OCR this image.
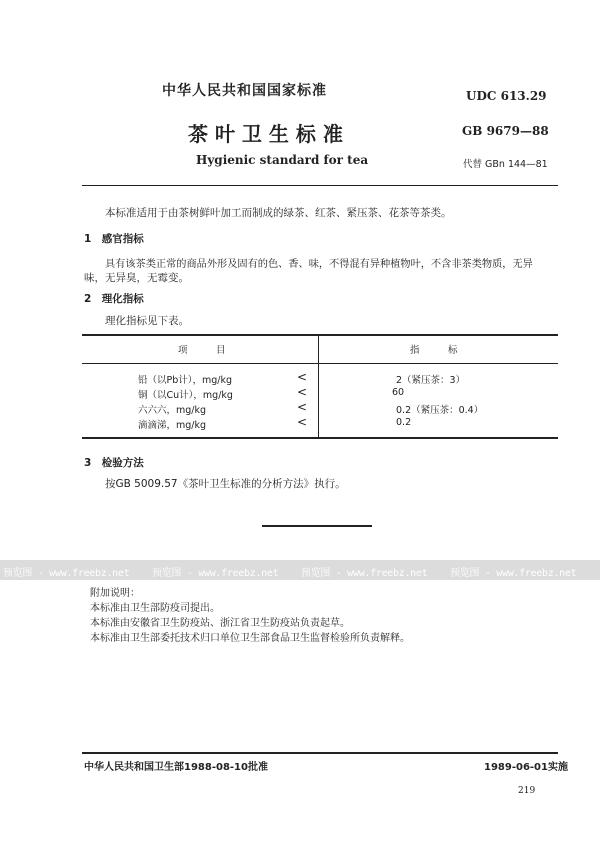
中华人民共和国国家标准	UDC 613.29
茶 叶 卫 生 标 准	GB 9679—88
Hygienic standard for tea	代替 GBn 144—81
本标准适用于由茶树鲜叶加工而制成的绿茶、红茶、紧压茶、花茶等茶类。
1　感官指标
具有该茶类正常的商品外形及固有的色、香、味，不得混有异种植物叶，不含非茶类物质，无异
味，无异臭，无霉变。
2　理化指标
理化指标见下表。
项　　　目	指　　　标
铅（以Pb计），mg/kg	<	2（紧压茶：3）
铜（以Cu计），mg/kg	<	60
六六六，mg/kg	<	0.2（紧压茶：0.4）
滴滴涕，mg/kg	<	0.2
3　检验方法
按GB 5009.57《茶叶卫生标准的分析方法》执行。
预览图 - www.freebz.net 预览图 - www.freebz.net 预览图 - www.freebz.net 预览图 - www.freebz.net
附加说明：
本标准由卫生部防疫司提出。
本标准由安徽省卫生防疫站、浙江省卫生防疫站负责起草。
本标准由卫生部委托技术归口单位卫生部食品卫生监督检验所负责解释。
中华人民共和国卫生部1988-08-10批准	1989-06-01实施
219
